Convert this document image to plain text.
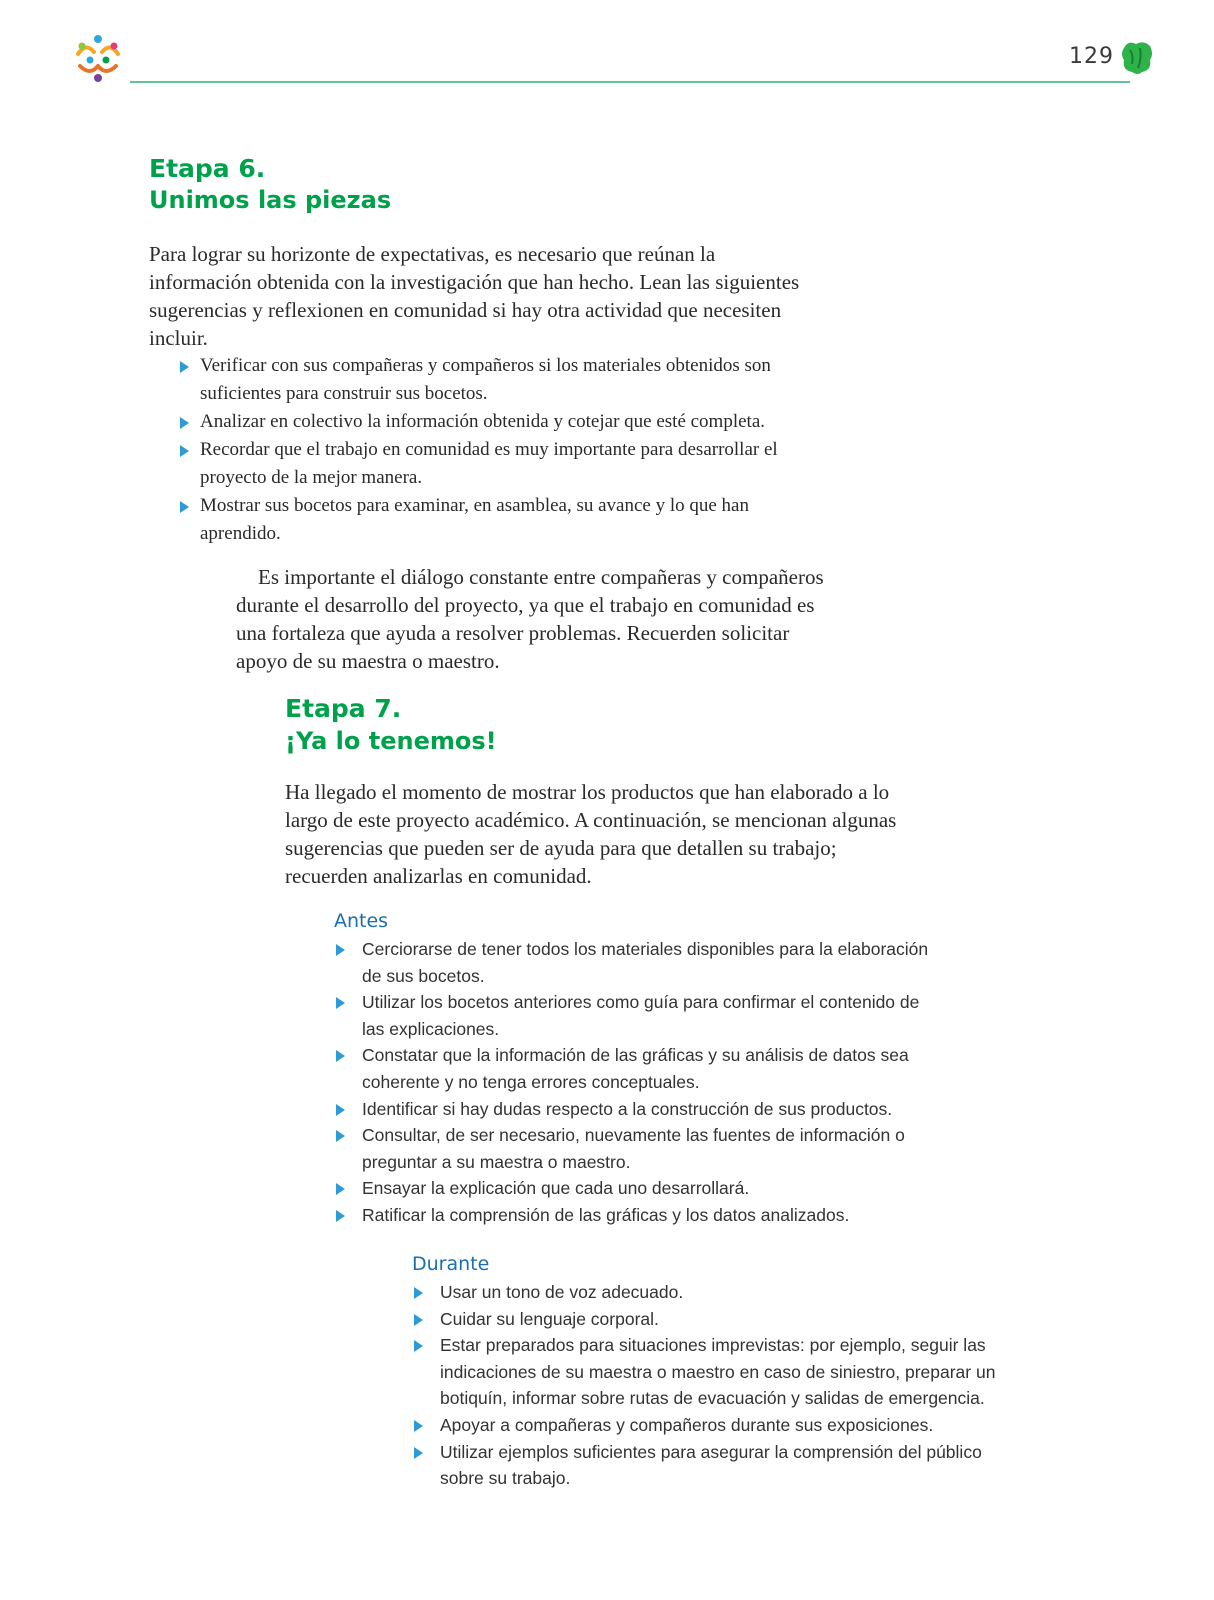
129
Etapa 6.
Unimos las piezas

Para lograr su horizonte de expectativas, es necesario que reúnan la información obtenida con la investigación que han hecho. Lean las siguientes sugerencias y reflexionen en comunidad si hay otra actividad que necesiten incluir.

Verificar con sus compañeras y compañeros si los materiales obtenidos son suficientes para construir sus bocetos.
Analizar en colectivo la información obtenida y cotejar que esté completa.
Recordar que el trabajo en comunidad es muy importante para desarrollar el proyecto de la mejor manera.
Mostrar sus bocetos para examinar, en asamblea, su avance y lo que han aprendido.

Es importante el diálogo constante entre compañeras y compañeros durante el desarrollo del proyecto, ya que el trabajo en comunidad es una fortaleza que ayuda a resolver problemas. Recuerden solicitar apoyo de su maestra o maestro.

Etapa 7.
¡Ya lo tenemos!

Ha llegado el momento de mostrar los productos que han elaborado a lo largo de este proyecto académico. A continuación, se mencionan algunas sugerencias que pueden ser de ayuda para que detallen su trabajo; recuerden analizarlas en comunidad.

Antes
Cerciorarse de tener todos los materiales disponibles para la elaboración de sus bocetos.
Utilizar los bocetos anteriores como guía para confirmar el contenido de las explicaciones.
Constatar que la información de las gráficas y su análisis de datos sea coherente y no tenga errores conceptuales.
Identificar si hay dudas respecto a la construcción de sus productos.
Consultar, de ser necesario, nuevamente las fuentes de información o preguntar a su maestra o maestro.
Ensayar la explicación que cada uno desarrollará.
Ratificar la comprensión de las gráficas y los datos analizados.
Durante
Usar un tono de voz adecuado.
Cuidar su lenguaje corporal.
Estar preparados para situaciones imprevistas: por ejemplo, seguir las indicaciones de su maestra o maestro en caso de siniestro, preparar un botiquín, informar sobre rutas de evacuación y salidas de emergencia.
Apoyar a compañeras y compañeros durante sus exposiciones.
Utilizar ejemplos suficientes para asegurar la comprensión del público sobre su trabajo.
